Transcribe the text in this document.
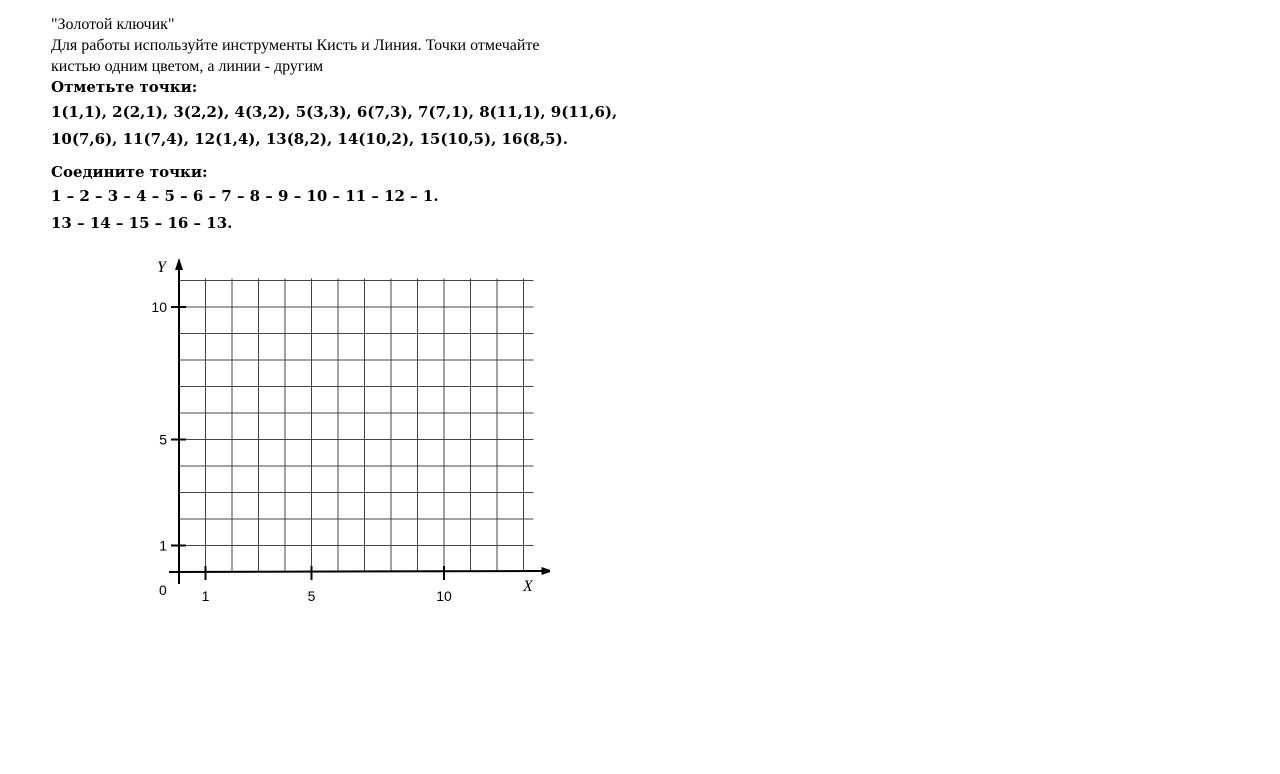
"Золотой ключик"

Для работы используйте инструменты Кисть и Линия. Точки отмечайте

кистью одним цветом, а линии - другим

Отметьте точки:

1(1,1), 2(2,1), 3(2,2), 4(3,2), 5(3,3), 6(7,3), 7(7,1), 8(11,1), 9(11,6),

10(7,6), 11(7,4), 12(1,4), 13(8,2), 14(10,2), 15(10,5), 16(8,5).

Соедините точки:

1 – 2 – 3 – 4 – 5 – 6 – 7 – 8 – 9 – 10 – 11 – 12 – 1.

13 – 14 – 15 – 16 – 13.

1
5
10
1	5	10
Y
X
0
